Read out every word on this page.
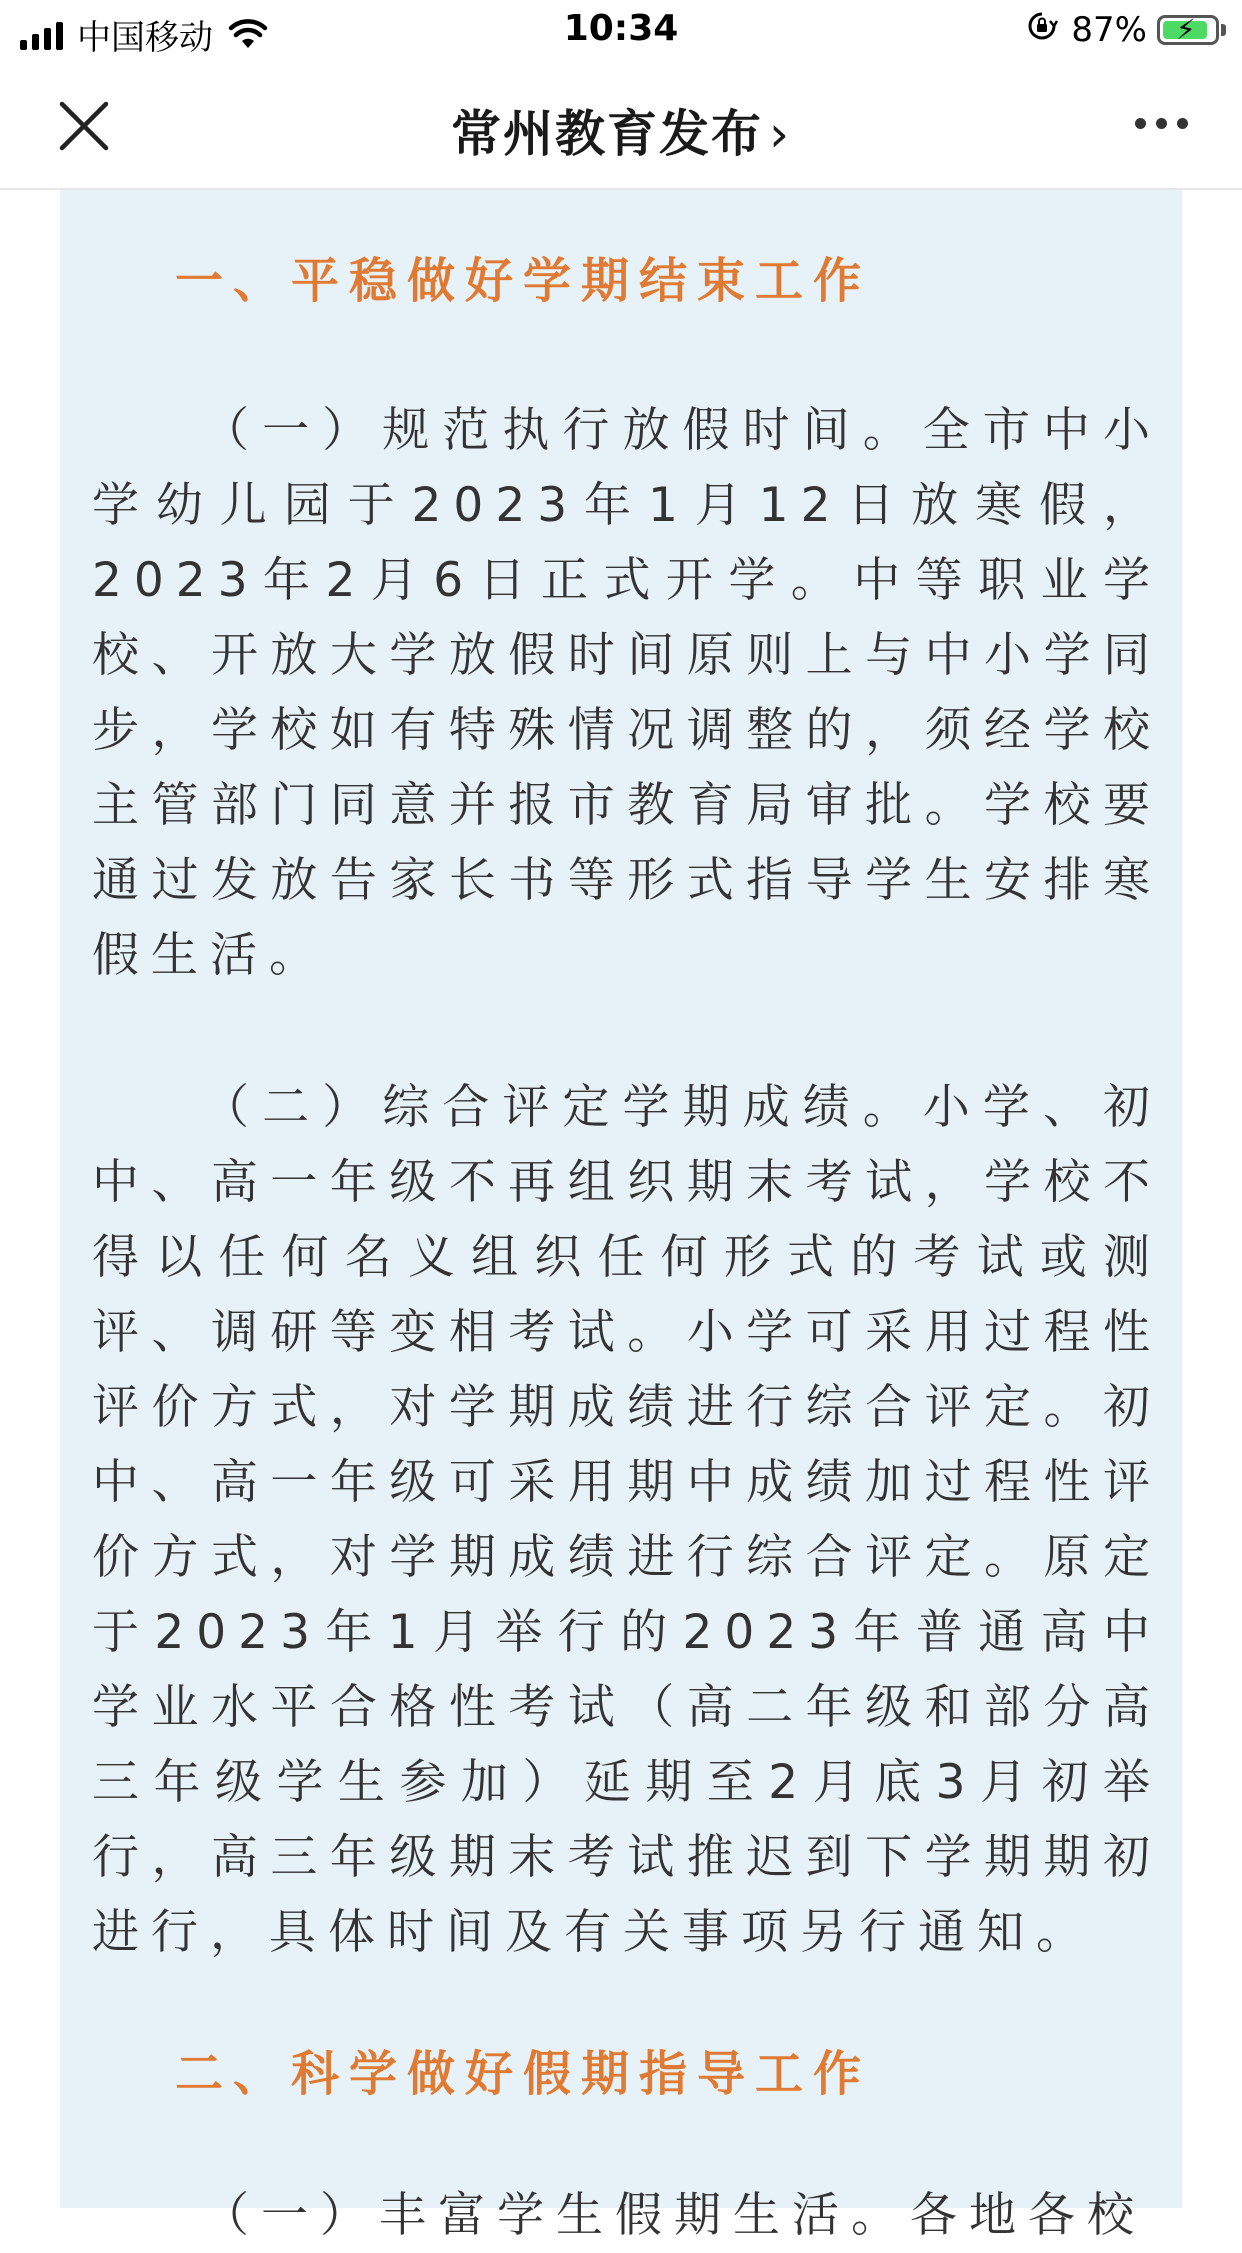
中国移动	10:34	87% ⚡
常州教育发布 ›
一、平稳做好学期结束工作

（一）规范执行放假时间。全市中小学幼儿园于2023年1月12日放寒假，2023年2月6日正式开学。中等职业学校、开放大学放假时间原则上与中小学同步，学校如有特殊情况调整的，须经学校主管部门同意并报市教育局审批。学校要通过发放告家长书等形式指导学生安排寒假生活。

（二）综合评定学期成绩。小学、初中、高一年级不再组织期末考试，学校不得以任何名义组织任何形式的考试或测评、调研等变相考试。小学可采用过程性评价方式，对学期成绩进行综合评定。初中、高一年级可采用期中成绩加过程性评价方式，对学期成绩进行综合评定。原定于2023年1月举行的2023年普通高中学业水平合格性考试（高二年级和部分高三年级学生参加）延期至2月底3月初举行，高三年级期末考试推迟到下学期期初进行，具体时间及有关事项另行通知。

二、科学做好假期指导工作

（一）丰富学生假期生活。各地各校
